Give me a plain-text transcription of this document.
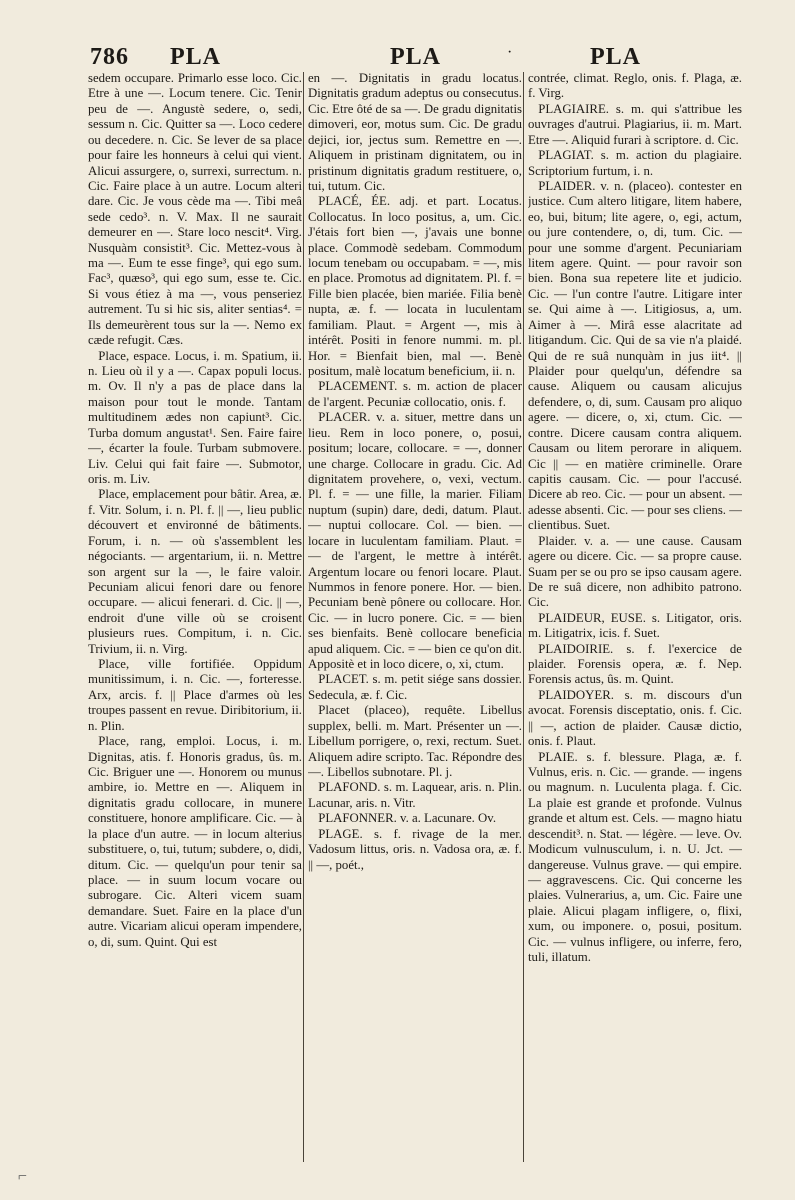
786 PLA	PLA	·	PLA

sedem occupare. Primarlo esse loco. Cic. Etre à une —. Locum tenere. Cic. Tenir peu de —. Angustè sedere, o, sedi, sessum n. Cic. Quitter sa —. Loco cedere ou decedere. n. Cic. Se lever de sa place pour faire les honneurs à celui qui vient. Alicui assurgere, o, surrexi, surrectum. n. Cic. Faire place à un autre. Locum alteri dare. Cic. Je vous cède ma —. Tibi meâ sede cedo³. n. V. Max. Il ne saurait demeurer en —. Stare loco nescit⁴. Virg. Nusquàm consistit³. Cic. Mettez-vous à ma —. Eum te esse finge³, qui ego sum. Fac³, quæso³, qui ego sum, esse te. Cic. Si vous étiez à ma —, vous penseriez autrement. Tu si hic sis, aliter sentias⁴. = Ils demeurèrent tous sur la —. Nemo ex cæde refugit. Cæs.

Place, espace. Locus, i. m. Spatium, ii. n. Lieu où il y a —. Capax populi locus. m. Ov. Il n'y a pas de place dans la maison pour tout le monde. Tantam multitudinem ædes non capiunt³. Cic. Turba domum angustat¹. Sen. Faire faire —, écarter la foule. Turbam submovere. Liv. Celui qui fait faire —. Submotor, oris. m. Liv.

Place, emplacement pour bâtir. Area, æ. f. Vitr. Solum, i. n. Pl. f. || —, lieu public découvert et environné de bâtiments. Forum, i. n. — où s'assemblent les négociants. — argentarium, ii. n. Mettre son argent sur la —, le faire valoir. Pecuniam alicui fenori dare ou fenore occupare. — alicui fenerari. d. Cic. || —, endroit d'une ville où se croisent plusieurs rues. Compitum, i. n. Cic. Trivium, ii. n. Virg.

Place, ville fortifiée. Oppidum munitissimum, i. n. Cic. —, forteresse. Arx, arcis. f. || Place d'armes où les troupes passent en revue. Diribitorium, ii. n. Plin.

Place, rang, emploi. Locus, i. m. Dignitas, atis. f. Honoris gradus, ûs. m. Cic. Briguer une —. Honorem ou munus ambire, io. Mettre en —. Aliquem in dignitatis gradu collocare, in munere constituere, honore amplificare. Cic. — à la place d'un autre. — in locum alterius substituere, o, tui, tutum; subdere, o, didi, ditum. Cic. — quelqu'un pour tenir sa place. — in suum locum vocare ou subrogare. Cic. Alteri vicem suam demandare. Suet. Faire en la place d'un autre. Vicariam alicui operam impendere, o, di, sum. Quint. Qui est

en —. Dignitatis in gradu locatus. Dignitatis gradum adeptus ou consecutus. Cic. Etre ôté de sa —. De gradu dignitatis dimoveri, eor, motus sum. Cic. De gradu dejici, ior, jectus sum. Remettre en —. Aliquem in pristinam dignitatem, ou in pristinum dignitatis gradum restituere, o, tui, tutum. Cic.

PLACÉ, ÉE. adj. et part. Locatus. Collocatus. In loco positus, a, um. Cic. J'étais fort bien —, j'avais une bonne place. Commodè sedebam. Commodum locum tenebam ou occupabam. = —, mis en place. Promotus ad dignitatem. Pl. f. = Fille bien placée, bien mariée. Filia benè nupta, æ. f. — locata in luculentam familiam. Plaut. = Argent —, mis à intérêt. Positi in fenore nummi. m. pl. Hor. = Bienfait bien, mal —. Benè positum, malè locatum beneficium, ii. n.

PLACEMENT. s. m. action de placer de l'argent. Pecuniæ collocatio, onis. f.

PLACER. v. a. situer, mettre dans un lieu. Rem in loco ponere, o, posui, positum; locare, collocare. = —, donner une charge. Collocare in gradu. Cic. Ad dignitatem provehere, o, vexi, vectum. Pl. f. = — une fille, la marier. Filiam nuptum (supin) dare, dedi, datum. Plaut. — nuptui collocare. Col. — bien. — locare in luculentam familiam. Plaut. = — de l'argent, le mettre à intérêt. Argentum locare ou fenori locare. Plaut. Nummos in fenore ponere. Hor. — bien. Pecuniam benè pônere ou collocare. Hor. Cic. — in lucro ponere. Cic. = — bien ses bienfaits. Benè collocare beneficia apud aliquem. Cic. = — bien ce qu'on dit. Appositè et in loco dicere, o, xi, ctum.

PLACET. s. m. petit siége sans dossier. Sedecula, æ. f. Cic.

Placet (placeo), requête. Libellus supplex, belli. m. Mart. Présenter un —. Libellum porrigere, o, rexi, rectum. Suet. Aliquem adire scripto. Tac. Répondre des —. Libellos subnotare. Pl. j.

PLAFOND. s. m. Laquear, aris. n. Plin. Lacunar, aris. n. Vitr.

PLAFONNER. v. a. Lacunare. Ov.

PLAGE. s. f. rivage de la mer. Vadosum littus, oris. n. Vadosa ora, æ. f. || —, poét.,

contrée, climat. Reglo, onis. f. Plaga, æ. f. Virg.

PLAGIAIRE. s. m. qui s'attribue les ouvrages d'autrui. Plagiarius, ii. m. Mart. Etre —. Aliquid furari à scriptore. d. Cic.

PLAGIAT. s. m. action du plagiaire. Scriptorium furtum, i. n.

PLAIDER. v. n. (placeo). contester en justice. Cum altero litigare, litem habere, eo, bui, bitum; lite agere, o, egi, actum, ou jure contendere, o, di, tum. Cic. — pour une somme d'argent. Pecuniariam litem agere. Quint. — pour ravoir son bien. Bona sua repetere lite et judicio. Cic. — l'un contre l'autre. Litigare inter se. Qui aime à —. Litigiosus, a, um. Aimer à —. Mirâ esse alacritate ad litigandum. Cic. Qui de sa vie n'a plaidé. Qui de re suâ nunquàm in jus iit⁴. || Plaider pour quelqu'un, défendre sa cause. Aliquem ou causam alicujus defendere, o, di, sum. Causam pro aliquo agere. — dicere, o, xi, ctum. Cic. — contre. Dicere causam contra aliquem. Causam ou litem perorare in aliquem. Cic || — en matière criminelle. Orare capitis causam. Cic. — pour l'accusé. Dicere ab reo. Cic. — pour un absent. — adesse absenti. Cic. — pour ses cliens. — clientibus. Suet.

Plaider. v. a. — une cause. Causam agere ou dicere. Cic. — sa propre cause. Suam per se ou pro se ipso causam agere. De re suâ dicere, non adhibito patrono. Cic.

PLAIDEUR, EUSE. s. Litigator, oris. m. Litigatrix, icis. f. Suet.

PLAIDOIRIE. s. f. l'exercice de plaider. Forensis opera, æ. f. Nep. Forensis actus, ûs. m. Quint.

PLAIDOYER. s. m. discours d'un avocat. Forensis disceptatio, onis. f. Cic. || —, action de plaider. Causæ dictio, onis. f. Plaut.

PLAIE. s. f. blessure. Plaga, æ. f. Vulnus, eris. n. Cic. — grande. — ingens ou magnum. n. Luculenta plaga. f. Cic. La plaie est grande et profonde. Vulnus grande et altum est. Cels. — magno hiatu descendit³. n. Stat. — légère. — leve. Ov. Modicum vulnusculum, i. n. U. Jct. — dangereuse. Vulnus grave. — qui empire. — aggravescens. Cic. Qui concerne les plaies. Vulnerarius, a, um. Cic. Faire une plaie. Alicui plagam infligere, o, flixi, xum, ou imponere. o, posui, positum. Cic. — vulnus infligere, ou inferre, fero, tuli, illatum.

⌐
